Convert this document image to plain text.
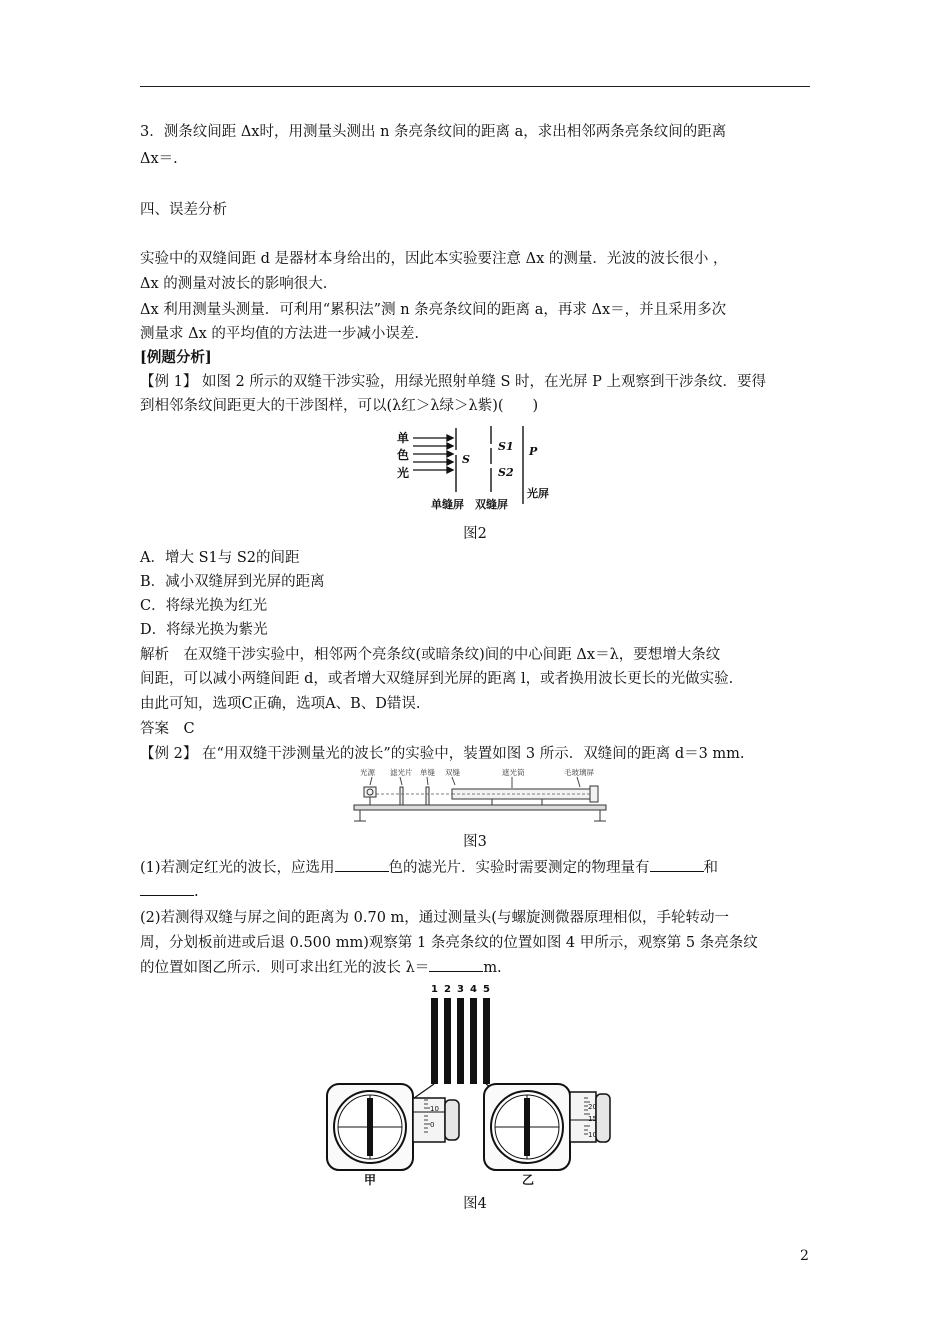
3．测条纹间距 Δx时，用测量头测出 n 条亮条纹间的距离 a，求出相邻两条亮条纹间的距离
Δx＝.
四、误差分析
实验中的双缝间距 d 是器材本身给出的，因此本实验要注意 Δx 的测量．光波的波长很小 ，
Δx 的测量对波长的影响很大.
Δx 利用测量头测量．可利用“累积法”测 n 条亮条纹间的距离 a，再求 Δx＝，并且采用多次
测量求 Δx 的平均值的方法进一步减小误差.
[例题分析]
【例 1】 如图 2 所示的双缝干涉实验，用绿光照射单缝 S 时，在光屏 P 上观察到干涉条纹．要得
到相邻条纹间距更大的干涉图样，可以(λ红＞λ绿＞λ紫)(　　)
单
色
光
S
S1
S2
P
单缝屏 双缝屏
光屏
图2
A．增大 S1与 S2的间距
B．减小双缝屏到光屏的距离
C．将绿光换为红光
D．将绿光换为紫光
解析　在双缝干涉实验中，相邻两个亮条纹(或暗条纹)间的中心间距 Δx＝λ，要想增大条纹
间距，可以减小两缝间距 d，或者增大双缝屏到光屏的距离 l，或者换用波长更长的光做实验.
由此可知，选项C正确，选项A、B、D错误.
答案　C
【例 2】 在“用双缝干涉测量光的波长”的实验中，装置如图 3 所示．双缝间的距离 d＝3 mm.
光源 滤光片 单缝 双缝	遮光筒	毛玻璃屏
图3
(1)若测定红光的波长，应选用	色的滤光片．实验时需要测定的物理量有	和
.
(2)若测得双缝与屏之间的距离为 0.70 m，通过测量头(与螺旋测微器原理相似，手轮转动一
周，分划板前进或后退 0.500 mm)观察第 1 条亮条纹的位置如图 4 甲所示，观察第 5 条亮条纹
的位置如图乙所示．则可求出红光的波长 λ＝	m.
1 2 3 4 5
10
0
甲
20
15
10
乙
图4
2
